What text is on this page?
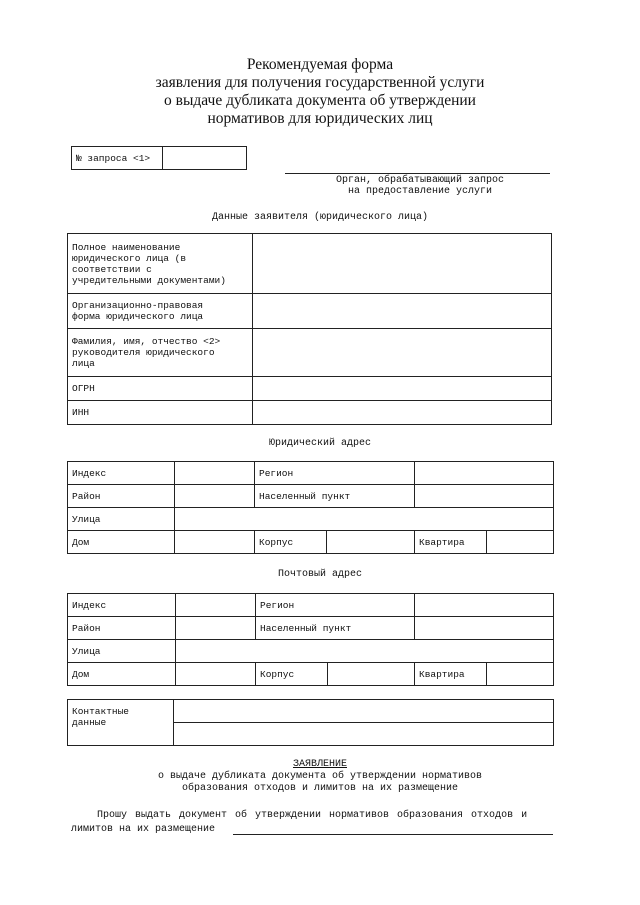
Рекомендуемая форма
заявления для получения государственной услуги
о выдаче дубликата документа об утверждении
нормативов для юридических лиц
№ запроса <1>	
Орган, обрабатывающий запрос
на предоставление услуги
Данные заявителя (юридического лица)
Полное наименование
юридического лица (в
соответствии с
учредительными документами)	

Организационно-правовая
форма юридического лица	

Фамилия, имя, отчество <2>
руководителя юридического
лица	

ОГРН	
ИНН	
Юридический адрес
Индекс		Регион			
Район		Населенный пункт			
Улица					
Дом		Корпус		Квартира	
Почтовый адрес
Индекс		Регион			
Район		Населенный пункт			
Улица					
Дом		Корпус		Квартира	
Контактные
данные

ЗАЯВЛЕНИЕ
о выдаче дубликата документа об утверждении нормативов
образования отходов и лимитов на их размещение
Прошу выдать документ об утверждении нормативов образования отходов и
лимитов на их размещение
